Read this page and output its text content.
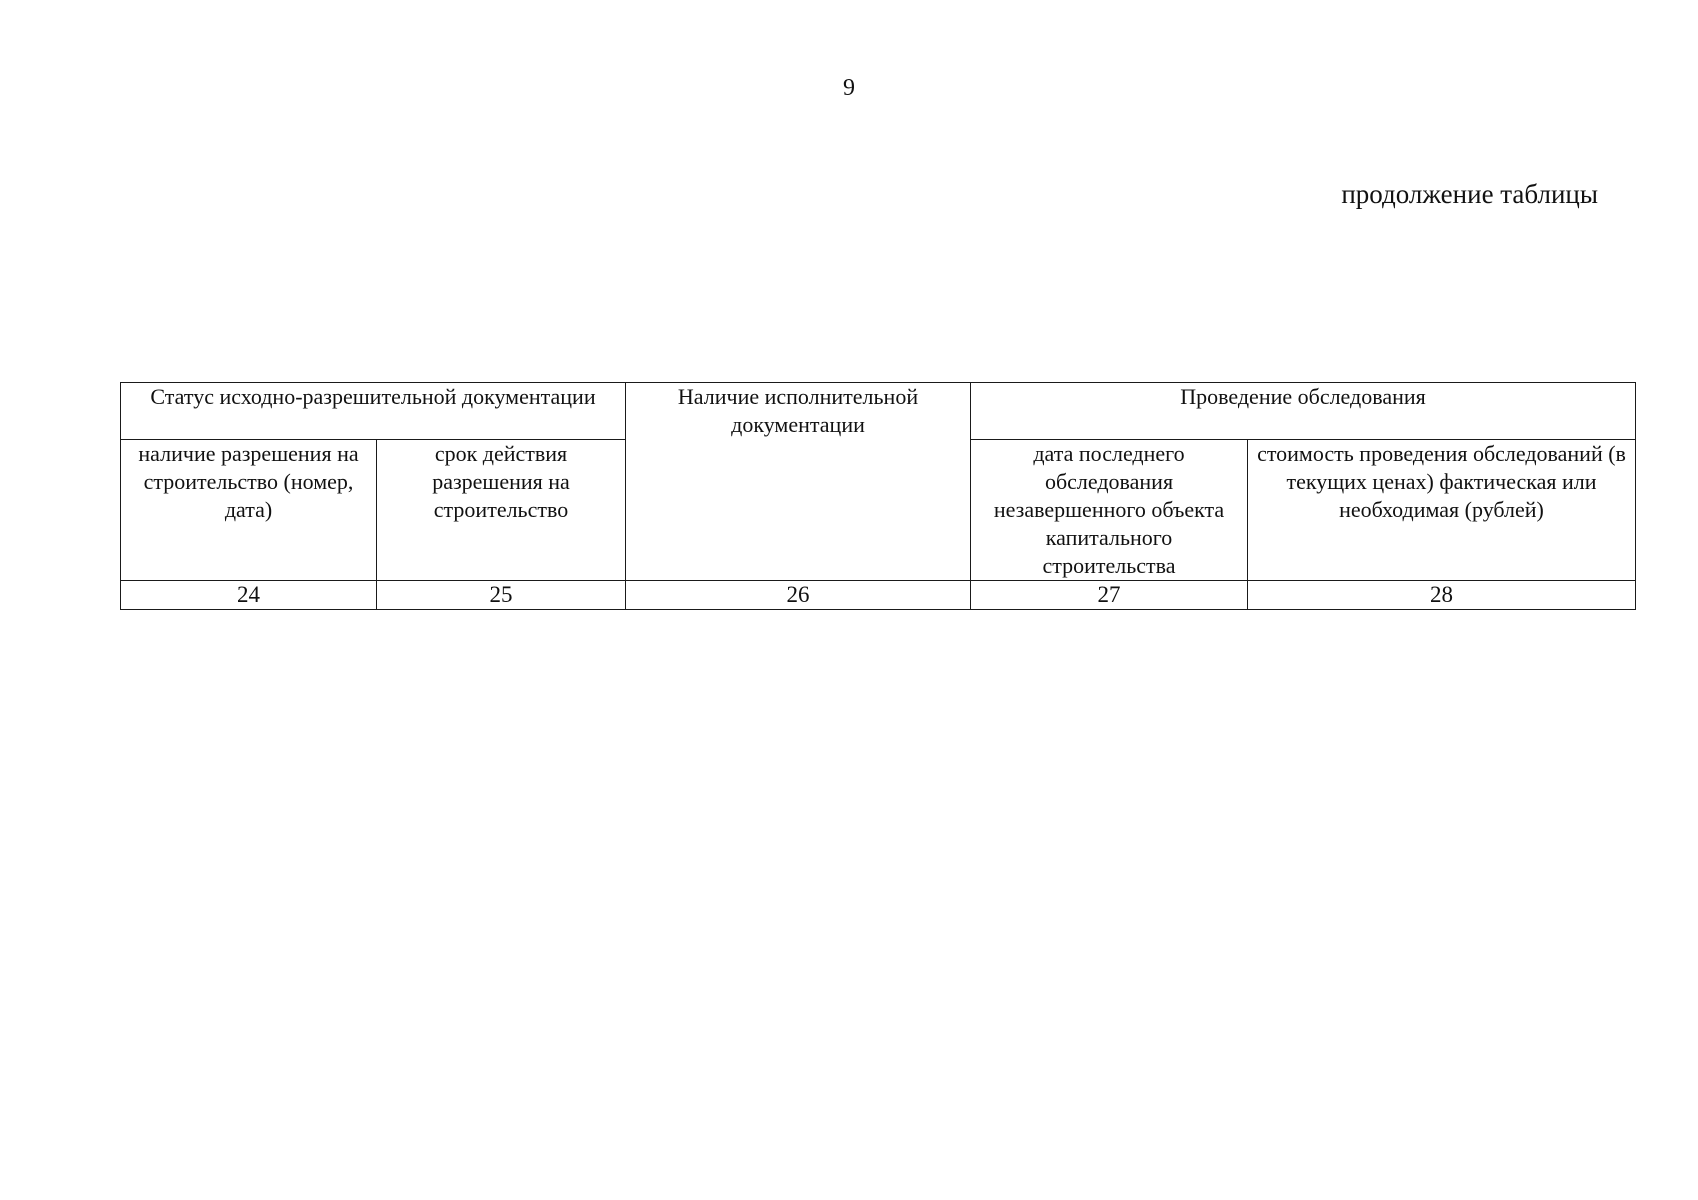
9
продолжение таблицы
Статус исходно-разрешительной документации		Наличие исполнительной документации	Проведение обследования	
наличие разрешения на строительство (номер, дата)	срок действия разрешения на строительство		дата последнего обследования незавершенного объекта капитального строительства	стоимость проведения обследований (в текущих ценах) фактическая или необходимая (рублей)
24	25	26	27	28
